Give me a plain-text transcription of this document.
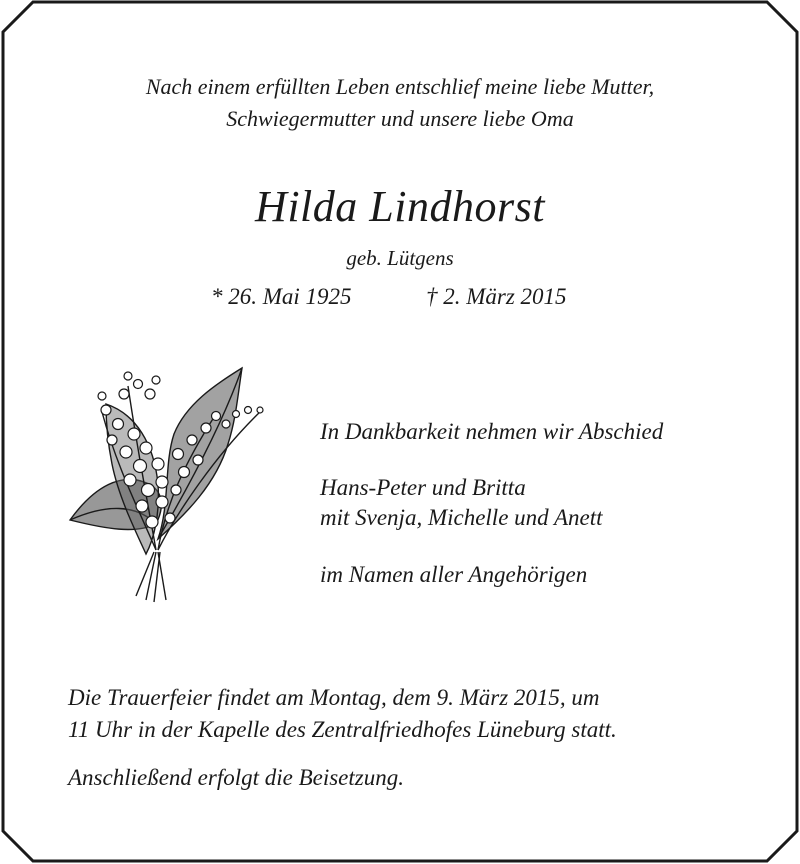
Nach einem erfüllten Leben entschlief meine liebe Mutter,
Schwiegermutter und unsere liebe Oma
Hilda Lindhorst
geb. Lütgens
* 26. Mai 1925	† 2. März 2015
In Dankbarkeit nehmen wir Abschied
Hans-Peter und Britta
mit Svenja, Michelle und Anett
im Namen aller Angehörigen
Die Trauerfeier findet am Montag, dem 9. März 2015, um
11 Uhr in der Kapelle des Zentralfriedhofes Lüneburg statt.
Anschließend erfolgt die Beisetzung.
